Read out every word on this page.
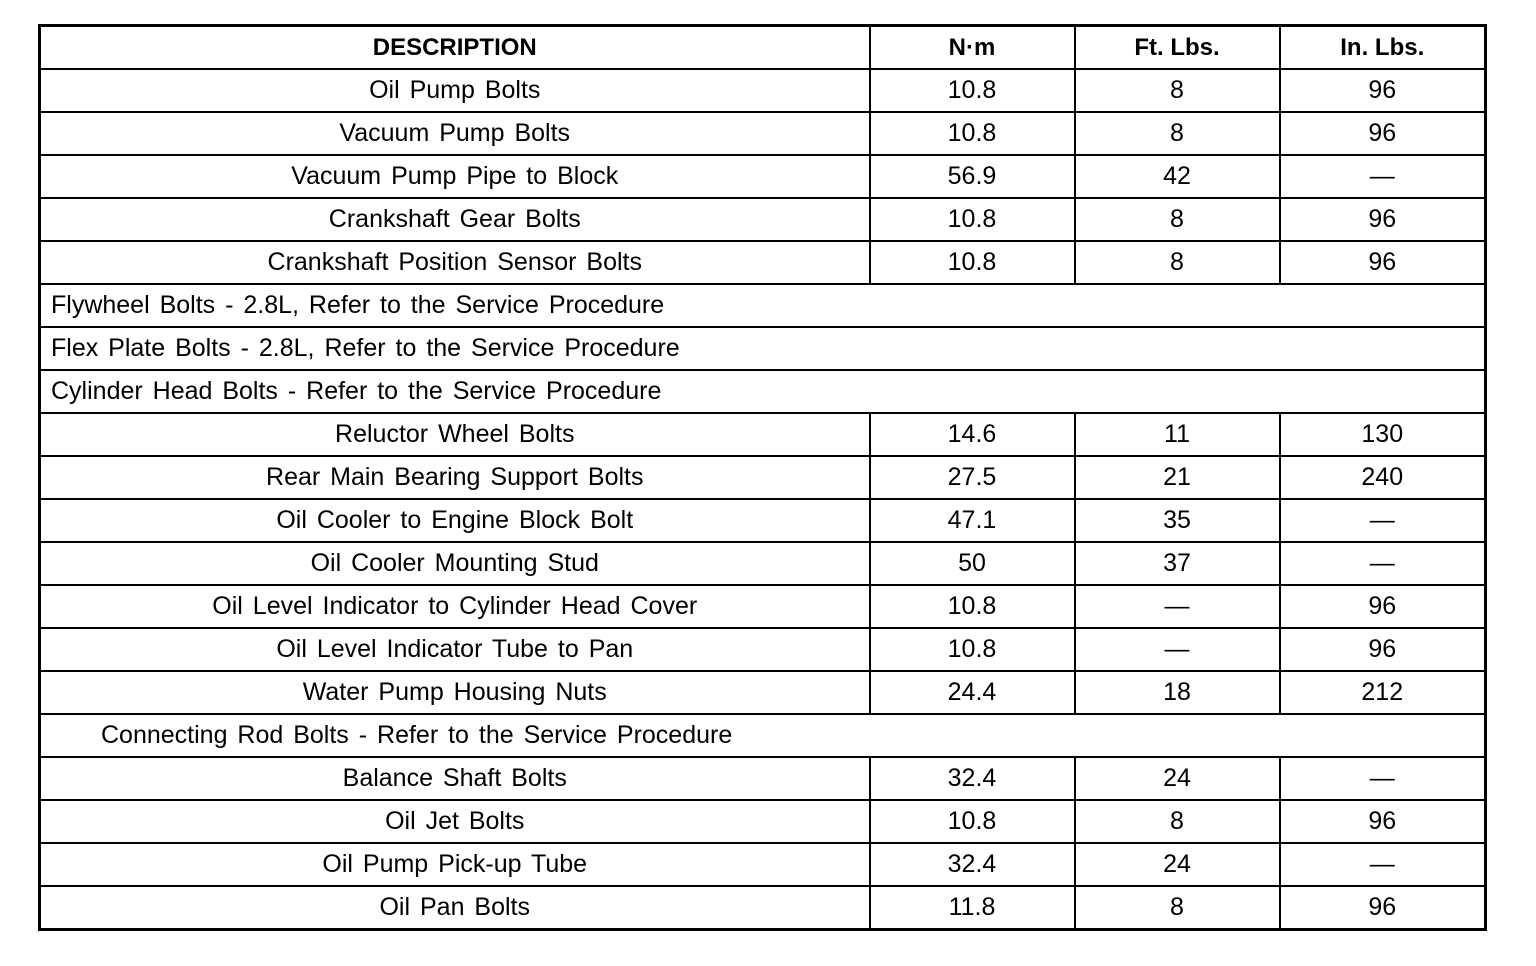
DESCRIPTION	N·m	Ft. Lbs.	In. Lbs.
Oil Pump Bolts	10.8	8	96
Vacuum Pump Bolts	10.8	8	96
Vacuum Pump Pipe to Block	56.9	42	—
Crankshaft Gear Bolts	10.8	8	96
Crankshaft Position Sensor Bolts	10.8	8	96
Flywheel Bolts - 2.8L, Refer to the Service Procedure			
Flex Plate Bolts - 2.8L, Refer to the Service Procedure			
Cylinder Head Bolts - Refer to the Service Procedure			
Reluctor Wheel Bolts	14.6	11	130
Rear Main Bearing Support Bolts	27.5	21	240
Oil Cooler to Engine Block Bolt	47.1	35	—
Oil Cooler Mounting Stud	50	37	—
Oil Level Indicator to Cylinder Head Cover	10.8	—	96
Oil Level Indicator Tube to Pan	10.8	—	96
Water Pump Housing Nuts	24.4	18	212
Connecting Rod Bolts - Refer to the Service Procedure			
Balance Shaft Bolts	32.4	24	—
Oil Jet Bolts	10.8	8	96
Oil Pump Pick-up Tube	32.4	24	—
Oil Pan Bolts	11.8	8	96
